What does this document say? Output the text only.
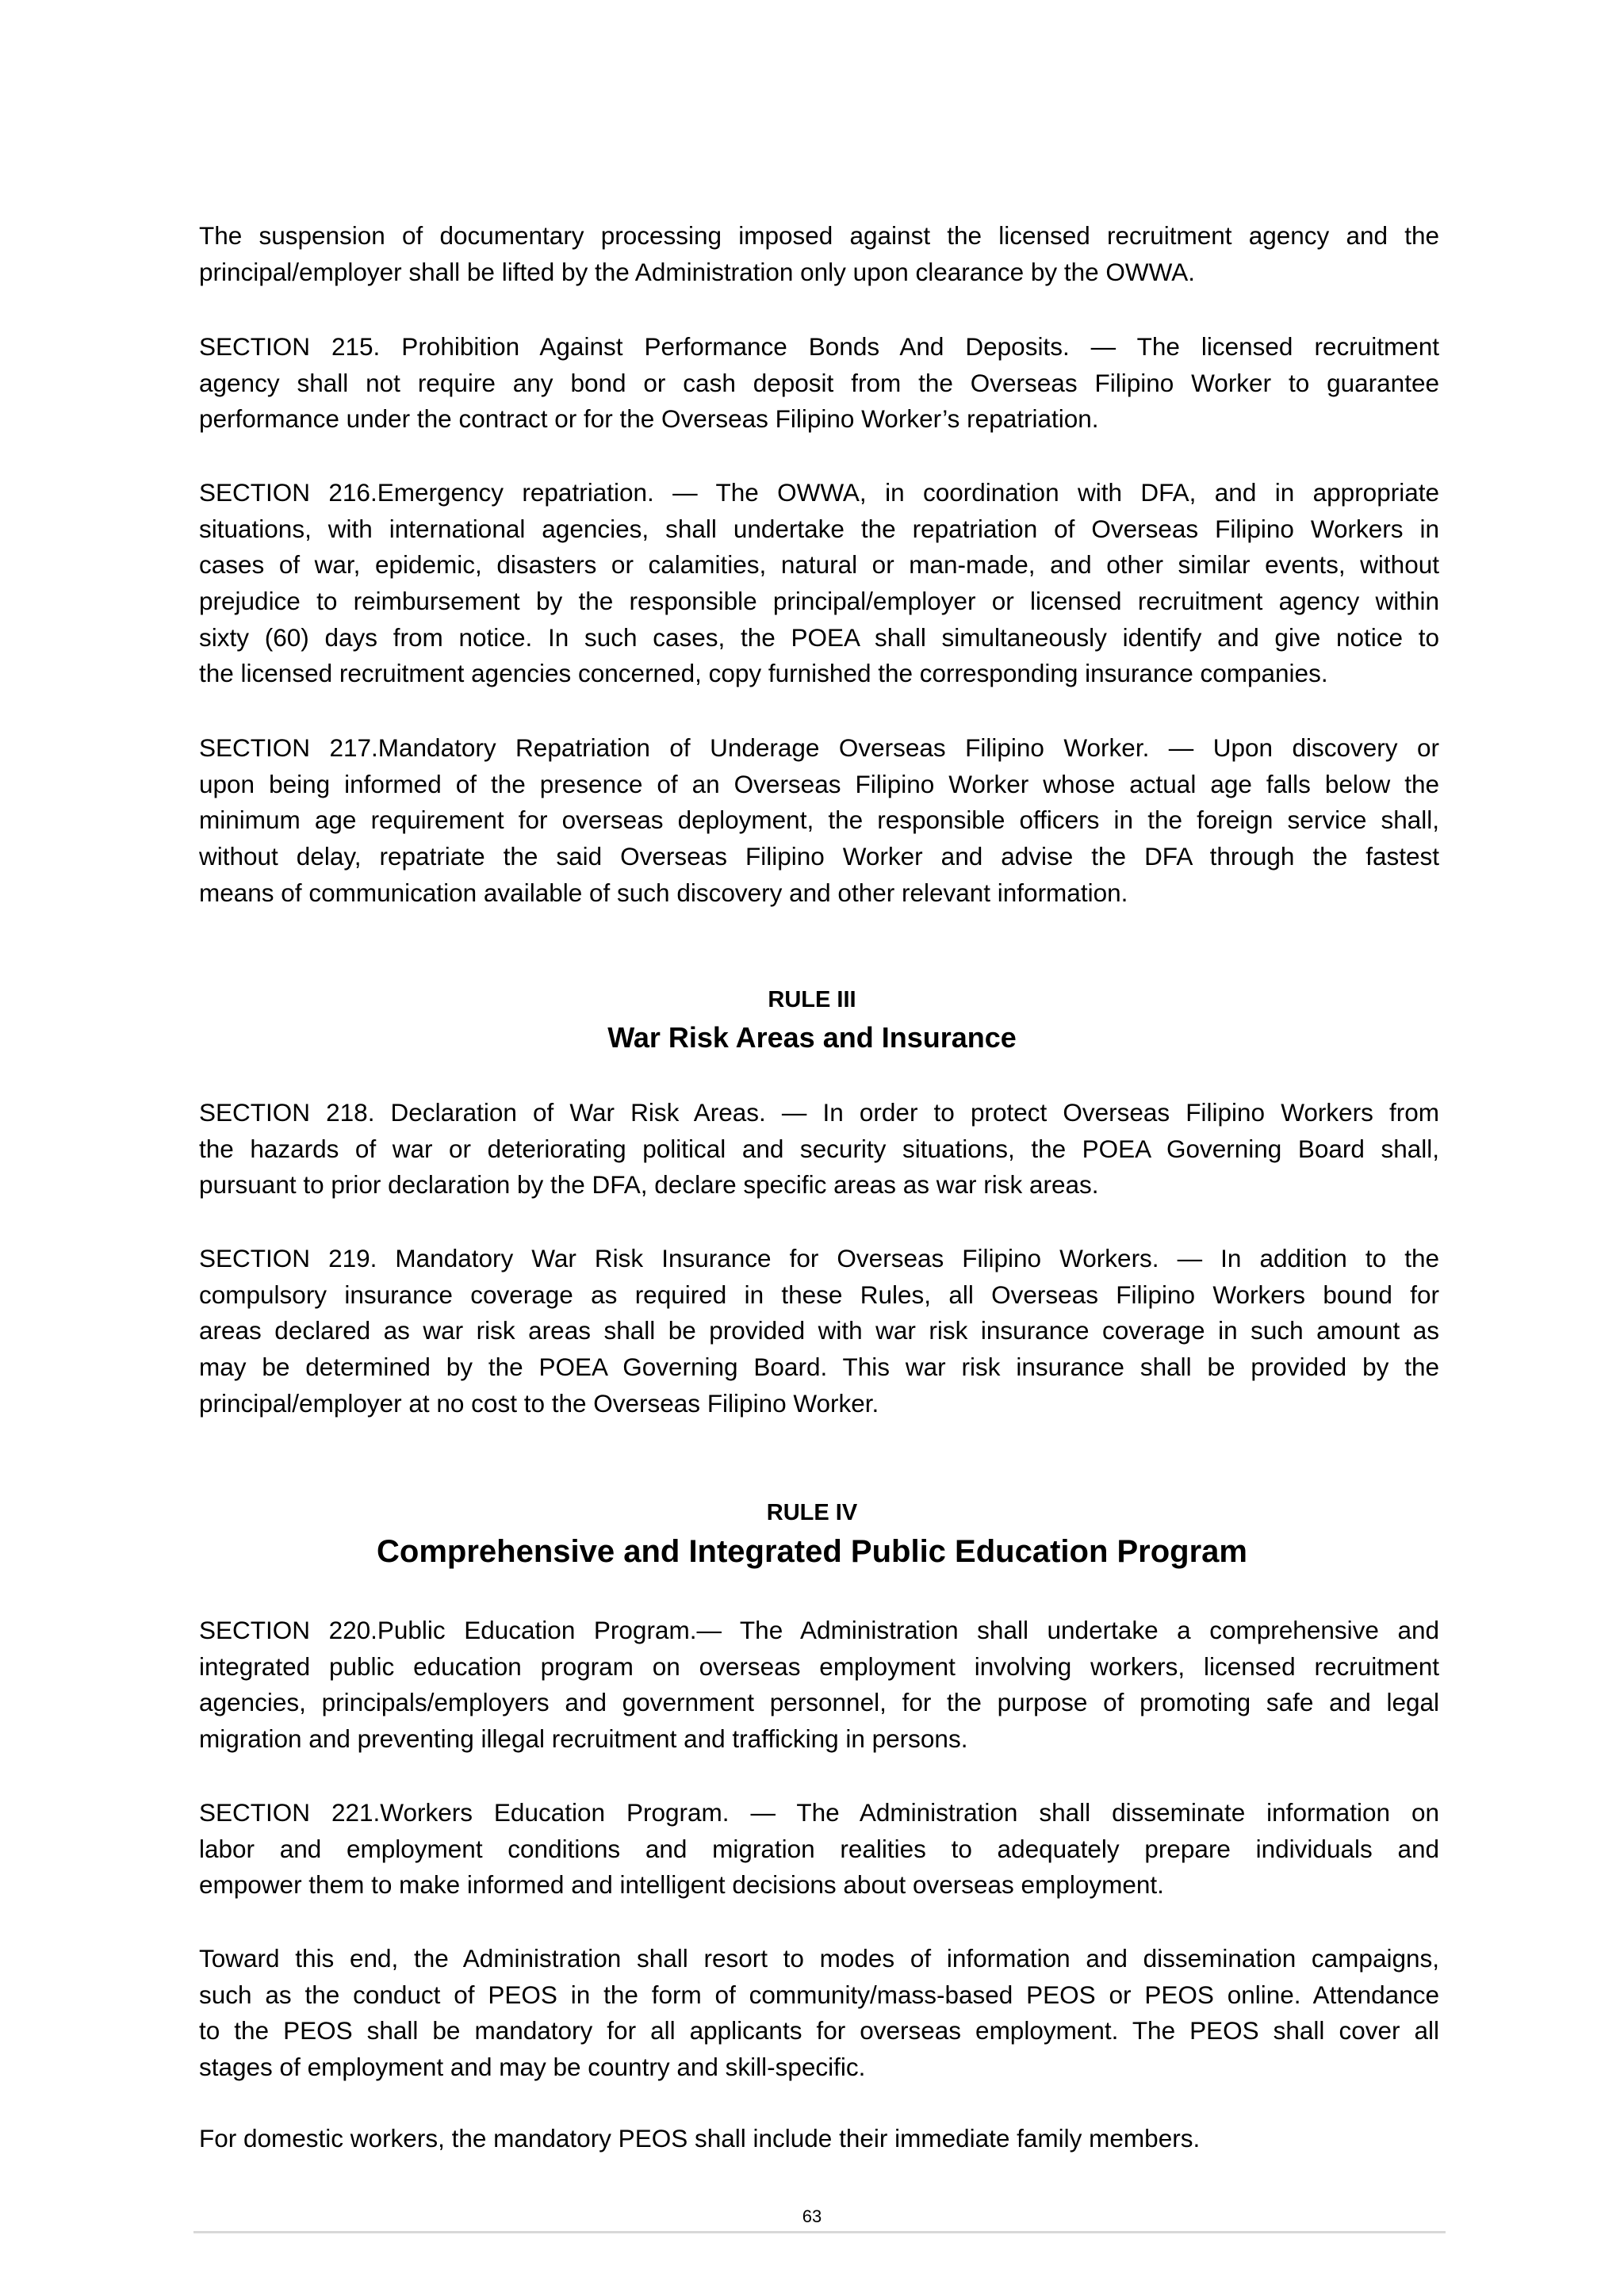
The suspension of documentary processing imposed against the licensed recruitment agency and the
principal/employer shall be lifted by the Administration only upon clearance by the OWWA.
SECTION 215. Prohibition Against Performance Bonds And Deposits. — The licensed recruitment
agency shall not require any bond or cash deposit from the Overseas Filipino Worker to guarantee
performance under the contract or for the Overseas Filipino Worker’s repatriation.
SECTION 216.Emergency repatriation. — The OWWA, in coordination with DFA, and in appropriate
situations, with international agencies, shall undertake the repatriation of Overseas Filipino Workers in
cases of war, epidemic, disasters or calamities, natural or man-made, and other similar events, without
prejudice to reimbursement by the responsible principal/employer or licensed recruitment agency within
sixty (60) days from notice. In such cases, the POEA shall simultaneously identify and give notice to
the licensed recruitment agencies concerned, copy furnished the corresponding insurance companies.
SECTION 217.Mandatory Repatriation of Underage Overseas Filipino Worker. — Upon discovery or
upon being informed of the presence of an Overseas Filipino Worker whose actual age falls below the
minimum age requirement for overseas deployment, the responsible officers in the foreign service shall,
without delay, repatriate the said Overseas Filipino Worker and advise the DFA through the fastest
means of communication available of such discovery and other relevant information.
RULE III
War Risk Areas and Insurance
SECTION 218. Declaration of War Risk Areas. — In order to protect Overseas Filipino Workers from
the hazards of war or deteriorating political and security situations, the POEA Governing Board shall,
pursuant to prior declaration by the DFA, declare specific areas as war risk areas.
SECTION 219. Mandatory War Risk Insurance for Overseas Filipino Workers. — In addition to the
compulsory insurance coverage as required in these Rules, all Overseas Filipino Workers bound for
areas declared as war risk areas shall be provided with war risk insurance coverage in such amount as
may be determined by the POEA Governing Board. This war risk insurance shall be provided by the
principal/employer at no cost to the Overseas Filipino Worker.
RULE IV
Comprehensive and Integrated Public Education Program
SECTION 220.Public Education Program.— The Administration shall undertake a comprehensive and
integrated public education program on overseas employment involving workers, licensed recruitment
agencies, principals/employers and government personnel, for the purpose of promoting safe and legal
migration and preventing illegal recruitment and trafficking in persons.
SECTION 221.Workers Education Program. — The Administration shall disseminate information on
labor and employment conditions and migration realities to adequately prepare individuals and
empower them to make informed and intelligent decisions about overseas employment.
Toward this end, the Administration shall resort to modes of information and dissemination campaigns,
such as the conduct of PEOS in the form of community/mass-based PEOS or PEOS online. Attendance
to the PEOS shall be mandatory for all applicants for overseas employment. The PEOS shall cover all
stages of employment and may be country and skill-specific.
For domestic workers, the mandatory PEOS shall include their immediate family members.
63
